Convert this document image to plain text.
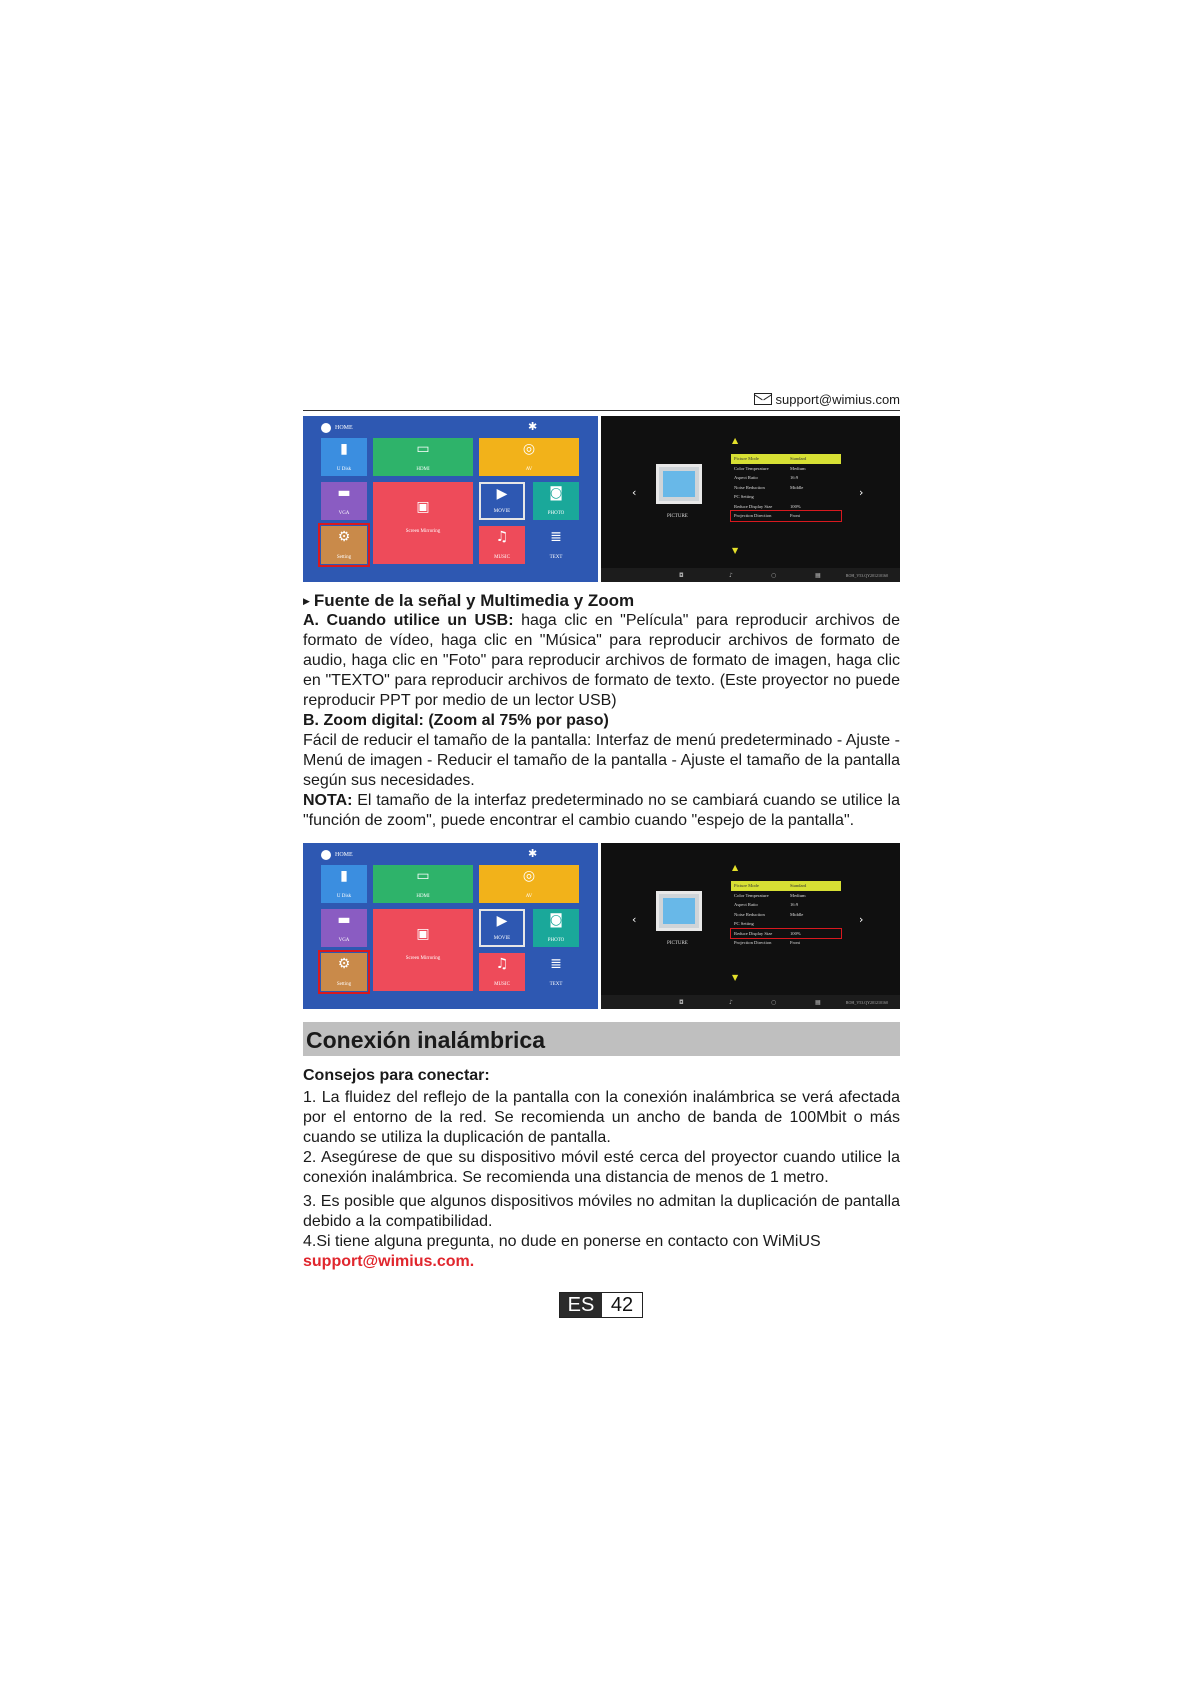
support@wimius.com
HOME	✱
▮
U Disk
▭
HDMI
◎
AV
▬
VGA	▣
Screen Mirroring
▶
MOVIE
◙
PHOTO
⚙
Setting
♫
MUSIC
≣
TEXT
▲
PICTURE
‹	›
Picture Mode	Standard
Color Temperature	Medium
Aspect Ratio	16:9
Noise Reduction	Middle
PC Setting
Reduce Display Size	100%
Projection Direction	Front
▼
◘	♪	○	▦	ROH_V53.QY201210160
▶ Fuente de la señal y Multimedia y Zoom

A. Cuando utilice un USB: haga clic en "Película" para reproducir archivos de formato de vídeo, haga clic en "Música" para reproducir archivos de formato de audio, haga clic en "Foto" para reproducir archivos de formato de imagen, haga clic en "TEXTO" para reproducir archivos de formato de texto. (Este proyector no puede reproducir PPT por medio de un lector USB)

B. Zoom digital: (Zoom al 75% por paso)

Fácil de reducir el tamaño de la pantalla: Interfaz de menú predeterminado - Ajuste - Menú de imagen - Reducir el tamaño de la pantalla - Ajuste el tamaño de la pantalla según sus necesidades.

NOTA: El tamaño de la interfaz predeterminado no se cambiará cuando se utilice la "función de zoom", puede encontrar el cambio cuando "espejo de la pantalla".

HOME	✱
▮
U Disk
▭
HDMI
◎
AV
▬
VGA	▣
Screen Mirroring
▶
MOVIE
◙
PHOTO
⚙
Setting
♫
MUSIC
≣
TEXT
▲
PICTURE
‹	›
Picture Mode	Standard
Color Temperature	Medium
Aspect Ratio	16:9
Noise Reduction	Middle
PC Setting
Reduce Display Size	100%
Projection Direction	Front
▼
◘	♪	○	▦	ROH_V53.QY201210160
Conexión inalámbrica

Consejos para conectar:

1. La fluidez del reflejo de la pantalla con la conexión inalámbrica se verá afectada por el entorno de la red. Se recomienda un ancho de banda de 100Mbit o más cuando se utiliza la duplicación de pantalla.

2. Asegúrese de que su dispositivo móvil esté cerca del proyector cuando utilice la conexión inalámbrica. Se recomienda una distancia de menos de 1 metro.

3. Es posible que algunos dispositivos móviles no admitan la duplicación de pantalla debido a la compatibilidad.

4.Si tiene alguna pregunta, no dude en ponerse en contacto con WiMiUS

support@wimius.com.

ES 42
